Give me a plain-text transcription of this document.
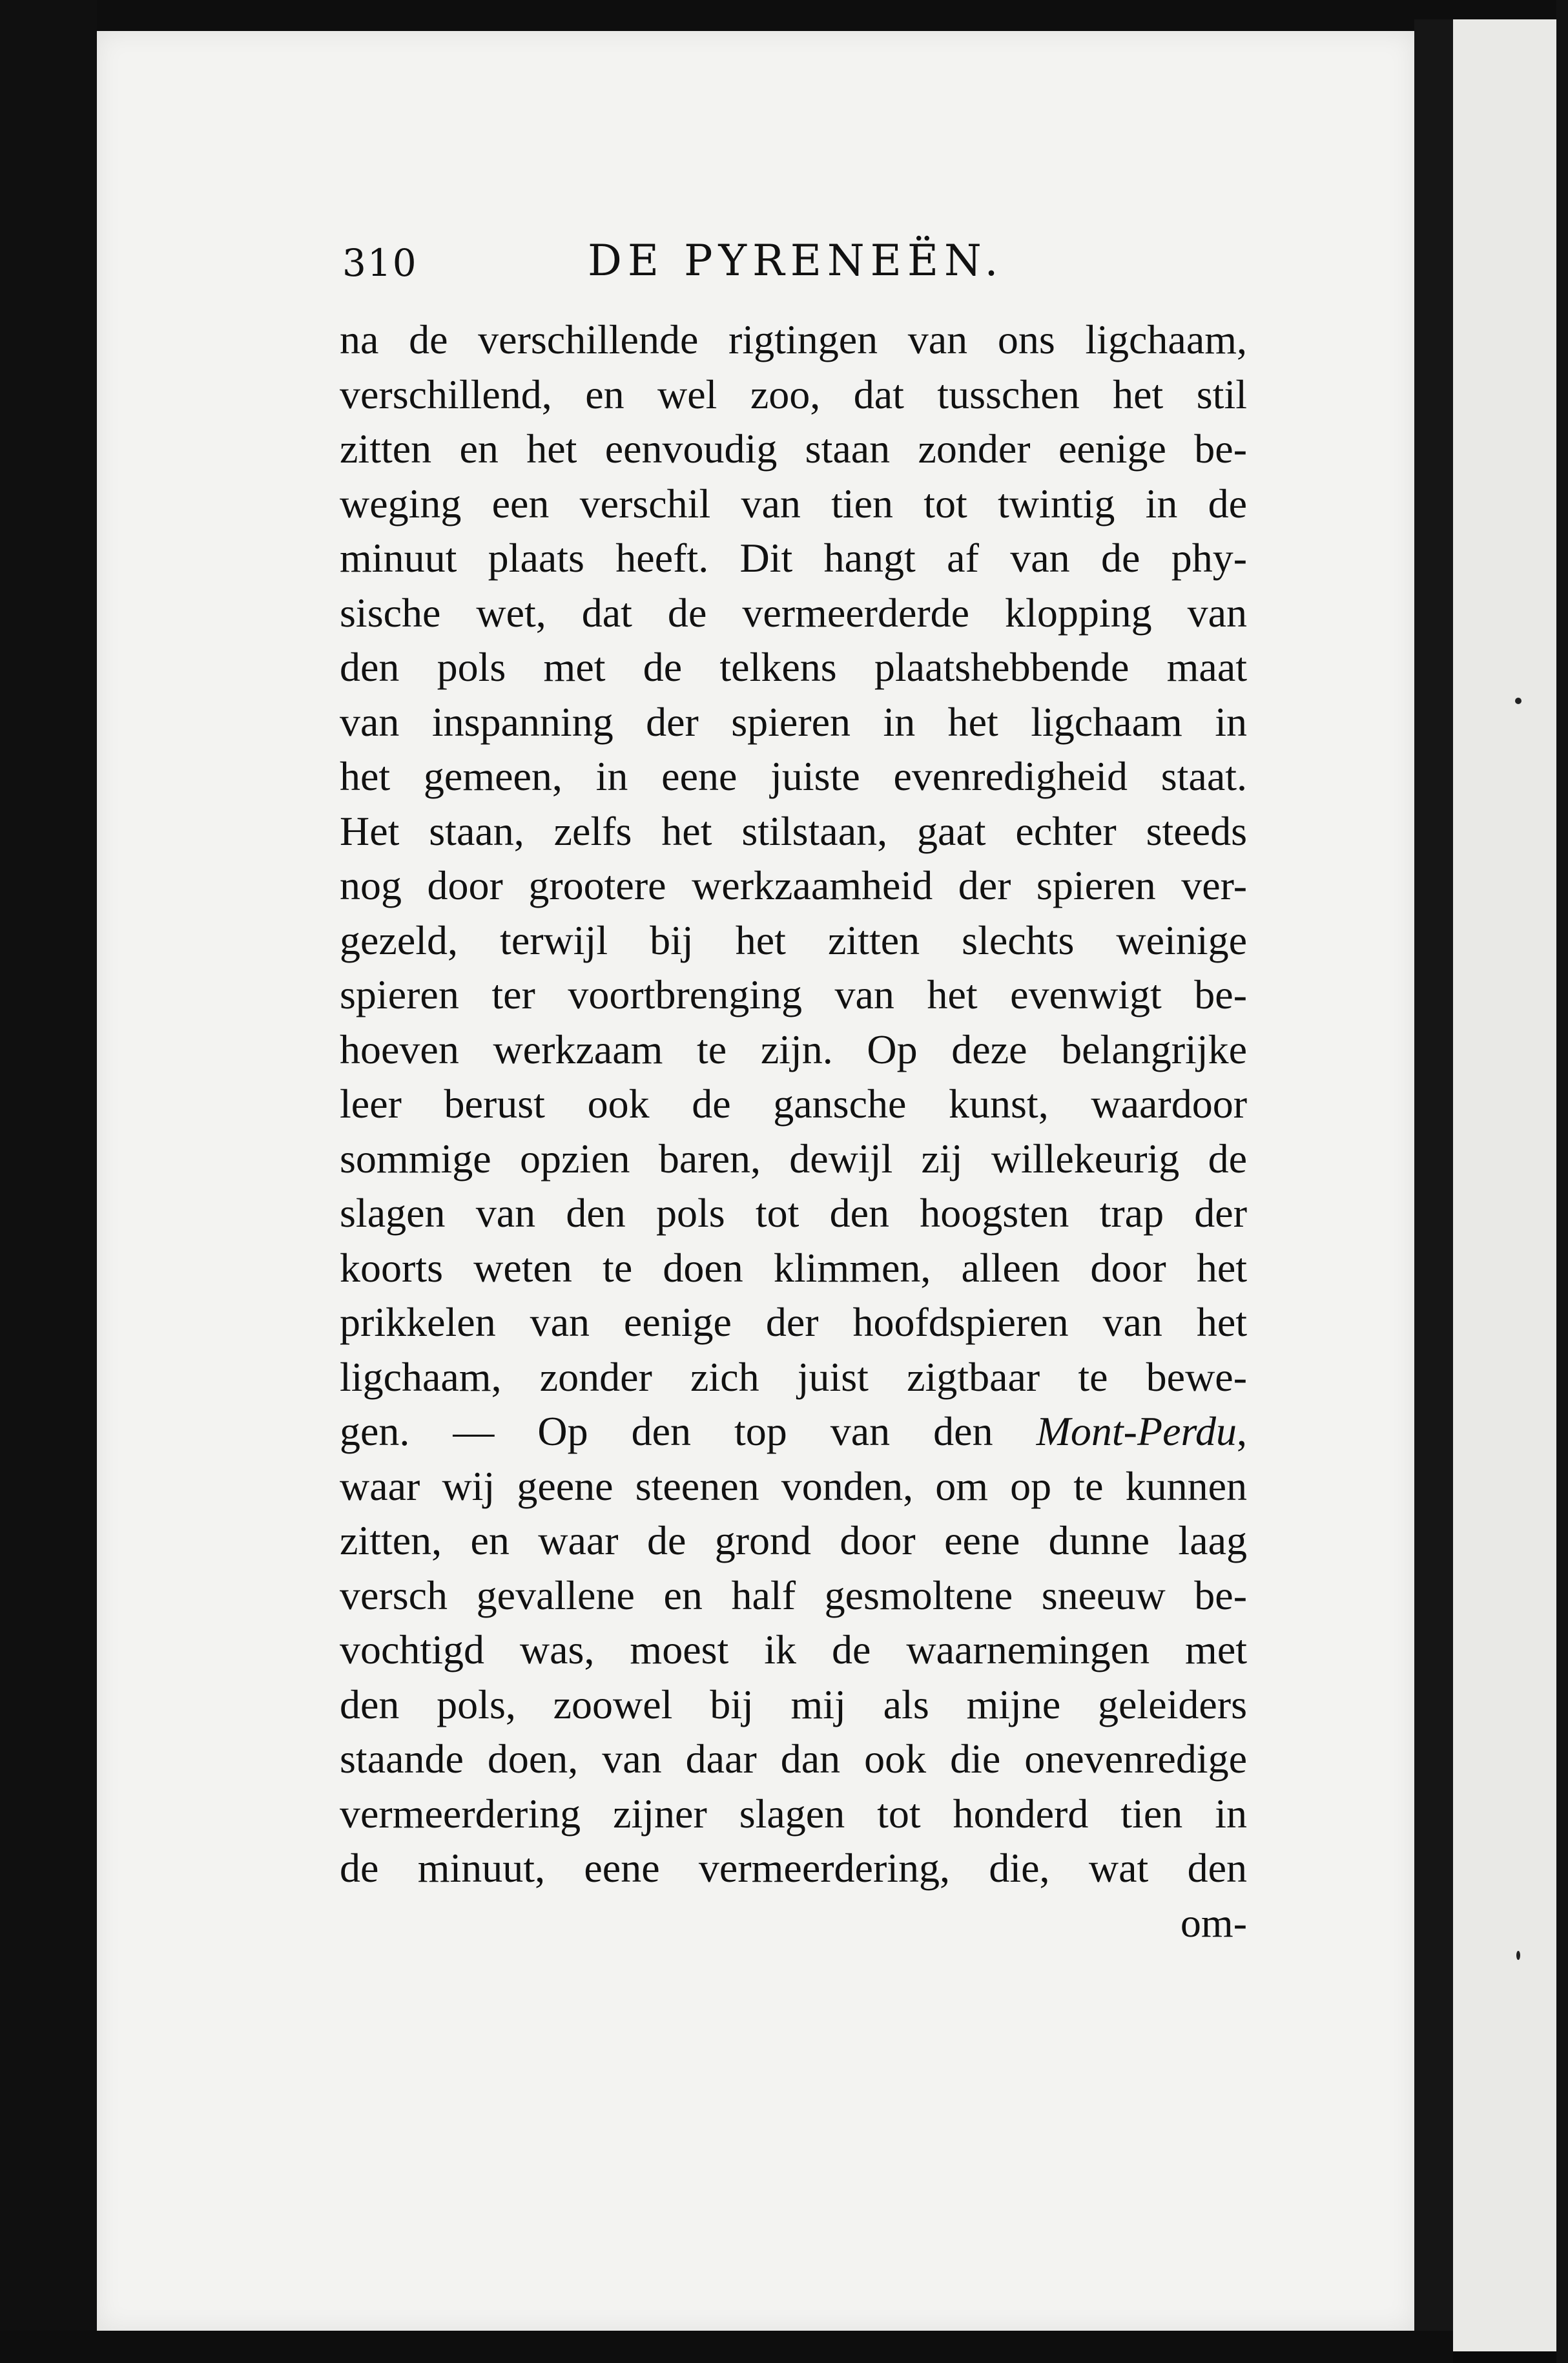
310	DE PYRENEËN.
na de verschillende rigtingen van ons ligchaam,
verschillend, en wel zoo, dat tusschen het stil
zitten en het eenvoudig staan zonder eenige be-
weging een verschil van tien tot twintig in de
minuut plaats heeft. Dit hangt af van de phy-
sische wet, dat de vermeerderde klopping van
den pols met de telkens plaatshebbende maat
van inspanning der spieren in het ligchaam in
het gemeen, in eene juiste evenredigheid staat.
Het staan, zelfs het stilstaan, gaat echter steeds
nog door grootere werkzaamheid der spieren ver-
gezeld, terwijl bij het zitten slechts weinige
spieren ter voortbrenging van het evenwigt be-
hoeven werkzaam te zijn. Op deze belangrijke
leer berust ook de gansche kunst, waardoor
sommige opzien baren, dewijl zij willekeurig de
slagen van den pols tot den hoogsten trap der
koorts weten te doen klimmen, alleen door het
prikkelen van eenige der hoofdspieren van het
ligchaam, zonder zich juist zigtbaar te bewe-
gen. — Op den top van den Mont-Perdu,
waar wij geene steenen vonden, om op te kunnen
zitten, en waar de grond door eene dunne laag
versch gevallene en half gesmoltene sneeuw be-
vochtigd was, moest ik de waarnemingen met
den pols, zoowel bij mij als mijne geleiders
staande doen, van daar dan ook die onevenredige
vermeerdering zijner slagen tot honderd tien in
de minuut, eene vermeerdering, die, wat den
om-
